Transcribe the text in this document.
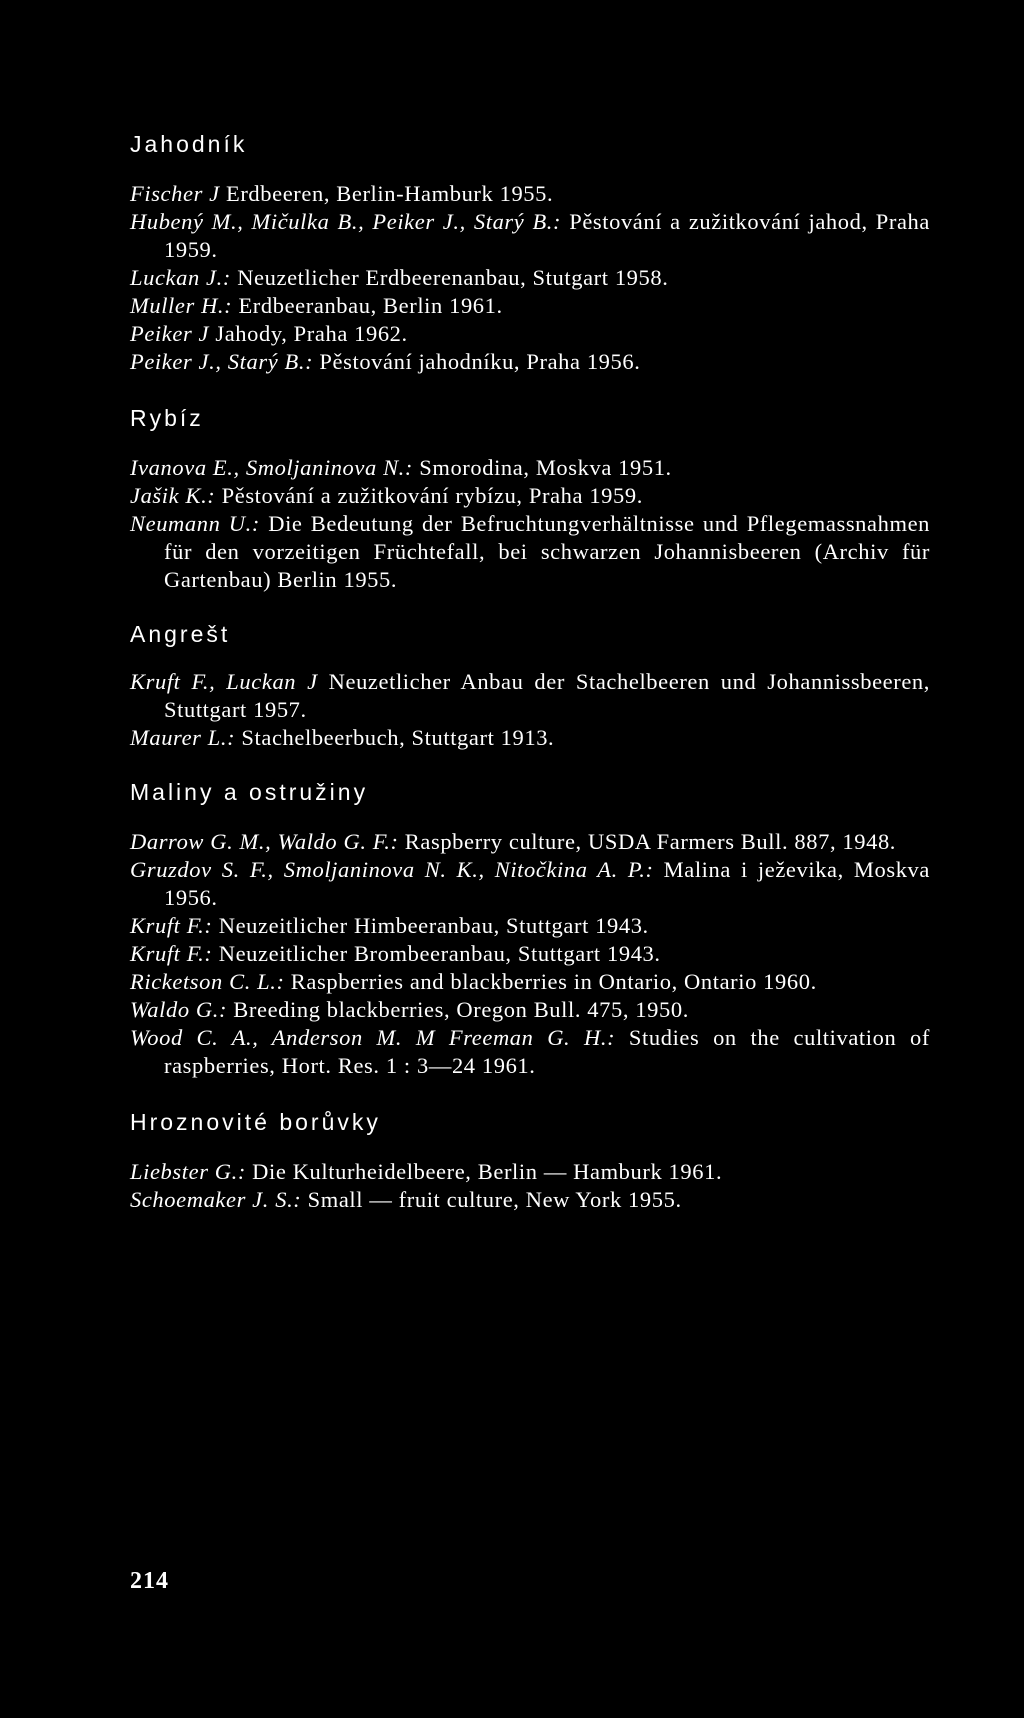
Jahodník

Fischer J Erdbeeren, Berlin-Hamburk 1955.

Hubený M., Mičulka B., Peiker J., Starý B.: Pěstování a zužitkování jahod, Praha 1959.

Luckan J.: Neuzetlicher Erdbeerenanbau, Stutgart 1958.

Muller H.: Erdbeeranbau, Berlin 1961.

Peiker J Jahody, Praha 1962.

Peiker J., Starý B.: Pěstování jahodníku, Praha 1956.

Rybíz

Ivanova E., Smoljaninova N.: Smorodina, Moskva 1951.

Jašik K.: Pěstování a zužitkování rybízu, Praha 1959.

Neumann U.: Die Bedeutung der Befruchtungverhältnisse und Pflegemassnahmen für den vorzeitigen Früchtefall, bei schwarzen Johannisbeeren (Archiv für Gartenbau) Berlin 1955.

Angrešt

Kruft F., Luckan J Neuzetlicher Anbau der Stachelbeeren und Johannissbeeren, Stuttgart 1957.

Maurer L.: Stachelbeerbuch, Stuttgart 1913.

Maliny a ostružiny

Darrow G. M., Waldo G. F.: Raspberry culture, USDA Farmers Bull. 887, 1948.

Gruzdov S. F., Smoljaninova N. K., Nitočkina A. P.: Malina i ježevika, Moskva 1956.

Kruft F.: Neuzeitlicher Himbeeranbau, Stuttgart 1943.

Kruft F.: Neuzeitlicher Brombeeranbau, Stuttgart 1943.

Ricketson C. L.: Raspberries and blackberries in Ontario, Ontario 1960.

Waldo G.: Breeding blackberries, Oregon Bull. 475, 1950.

Wood C. A., Anderson M. M Freeman G. H.: Studies on the cultivation of raspberries, Hort. Res. 1 : 3—24 1961.

Hroznovité borůvky

Liebster G.: Die Kulturheidelbeere, Berlin — Hamburk 1961.

Schoemaker J. S.: Small — fruit culture, New York 1955.

214
